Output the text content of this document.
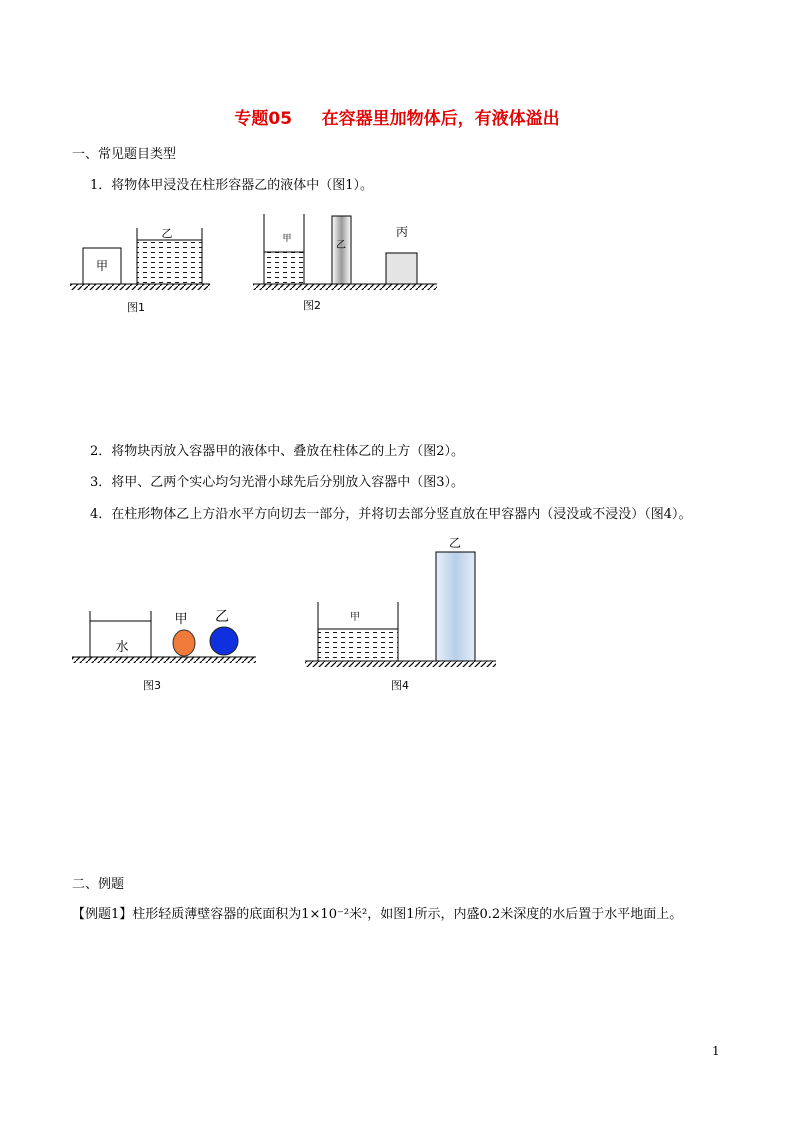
专题05     在容器里加物体后，有液体溢出
一、常见题目类型
1．将物体甲浸没在柱形容器乙的液体中（图1）。
甲
乙
图1
甲
乙
丙
图2
2．将物块丙放入容器甲的液体中、叠放在柱体乙的上方（图2）。
3．将甲、乙两个实心均匀光滑小球先后分别放入容器中（图3）。
4．在柱形物体乙上方沿水平方向切去一部分，并将切去部分竖直放在甲容器内（浸没或不浸没）（图4）。
水
甲 乙
图3
甲
乙
图4
二、例题
【例题1】柱形轻质薄壁容器的底面积为1×10⁻²米²，如图1所示，内盛0.2米深度的水后置于水平地面上。
1
